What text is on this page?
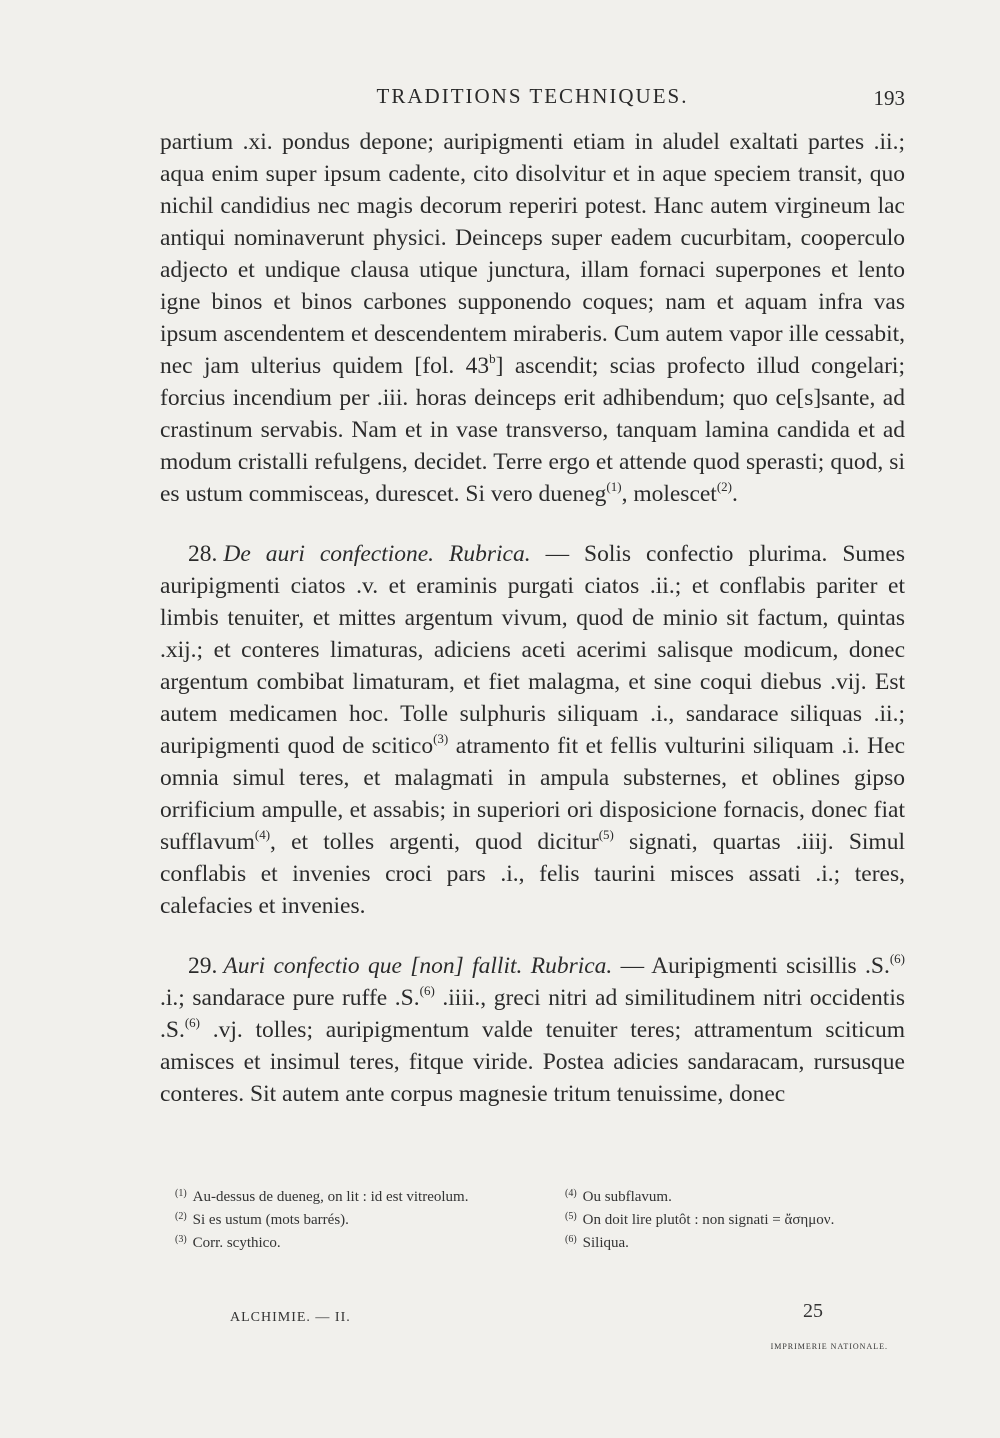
TRADITIONS TECHNIQUES.	193

partium .xi. pondus depone; auripigmenti etiam in aludel exaltati partes .ii.; aqua enim super ipsum cadente, cito disolvitur et in aque speciem transit, quo nichil candidius nec magis decorum reperiri potest. Hanc autem virgineum lac antiqui nominaverunt physici. Deinceps super eadem cucurbitam, cooperculo adjecto et undique clausa utique junctura, illam fornaci superpones et lento igne binos et binos carbones supponendo coques; nam et aquam infra vas ipsum ascendentem et descendentem miraberis. Cum autem vapor ille cessabit, nec jam ulterius quidem [fol. 43$^b$] ascendit; scias profecto illud congelari; forcius incendium per .iii. horas deinceps erit adhibendum; quo ce[s]sante, ad crastinum servabis. Nam et in vase transverso, tanquam lamina candida et ad modum cristalli refulgens, decidet. Terre ergo et attende quod sperasti; quod, si es ustum commisceas, durescet. Si vero dueneg$^{(1)}$, molescet$^{(2)}$.

28. De auri confectione. Rubrica. — Solis confectio plurima. Sumes auripigmenti ciatos .v. et eraminis purgati ciatos .ii.; et conflabis pariter et limbis tenuiter, et mittes argentum vivum, quod de minio sit factum, quintas .xij.; et conteres limaturas, adiciens aceti acerimi salisque modicum, donec argentum combibat limaturam, et fiet malagma, et sine coqui diebus .vij. Est autem medicamen hoc. Tolle sulphuris siliquam .i., sandarace siliquas .ii.; auripigmenti quod de scitico$^{(3)}$ atramento fit et fellis vulturini siliquam .i. Hec omnia simul teres, et malagmati in ampula substernes, et oblines gipso orrificium ampulle, et assabis; in superiori ori disposicione fornacis, donec fiat sufflavum$^{(4)}$, et tolles argenti, quod dicitur$^{(5)}$ signati, quartas .iiij. Simul conflabis et invenies croci pars .i., felis taurini misces assati .i.; teres, calefacies et invenies.

29. Auri confectio que [non] fallit. Rubrica. — Auripigmenti scisillis .S.$^{(6)}$ .i.; sandarace pure ruffe .S.$^{(6)}$ .iiii., greci nitri ad similitudinem nitri occidentis .S.$^{(6)}$ .vj. tolles; auripigmentum valde tenuiter teres; attramentum sciticum amisces et insimul teres, fitque viride. Postea adicies sandaracam, rursusque conteres. Sit autem ante corpus magnesie tritum tenuissime, donec

$^{(1)}$ Au-dessus de dueneg, on lit : id est vitreolum.

$^{(2)}$ Si es ustum (mots barrés).

$^{(3)}$ Corr. scythico.

$^{(4)}$ Ou subflavum.

$^{(5)}$ On doit lire plutôt : non signati = ἄσημον.

$^{(6)}$ Siliqua.

ALCHIMIE. — II.	25
IMPRIMERIE NATIONALE.
